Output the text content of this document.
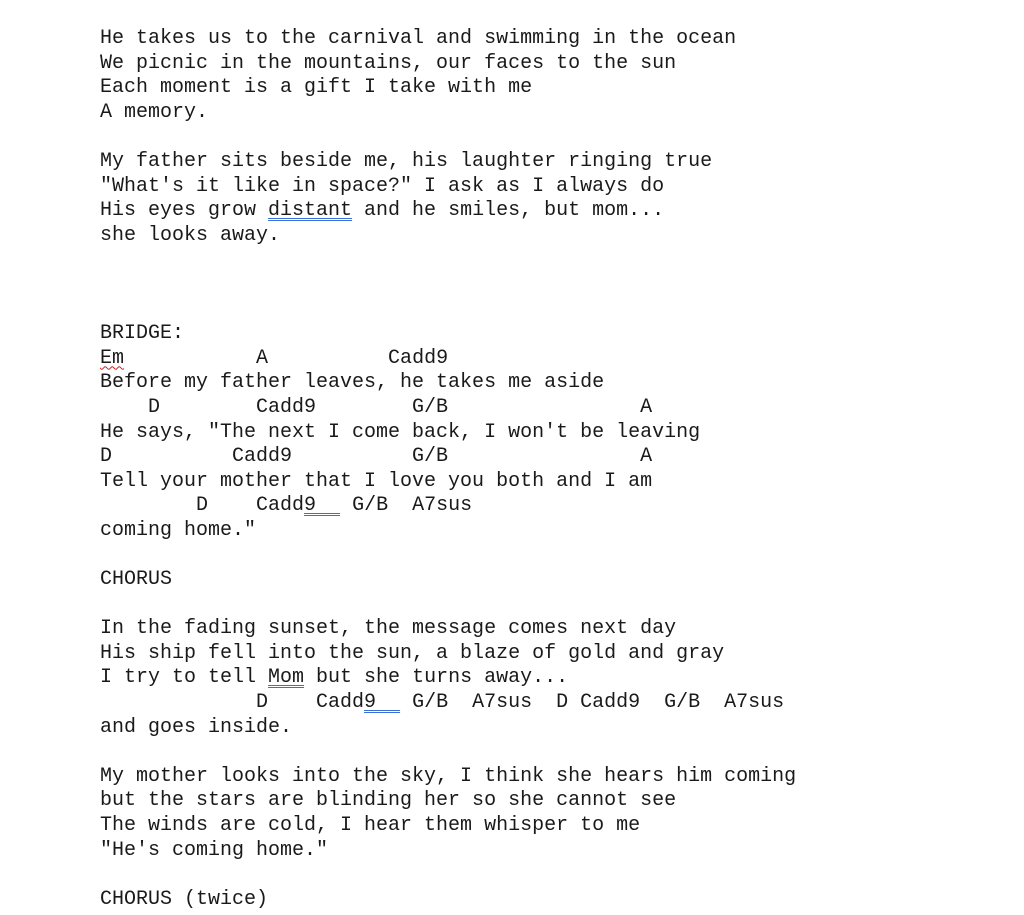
He takes us to the carnival and swimming in the ocean
We picnic in the mountains, our faces to the sun
Each moment is a gift I take with me
A memory.
My father sits beside me, his laughter ringing true
"What's it like in space?" I ask as I always do
His eyes grow distant and he smiles, but mom...
she looks away.
BRIDGE:
Em           A          Cadd9
Before my father leaves, he takes me aside
D        Cadd9        G/B                A
He says, "The next I come back, I won't be leaving
D          Cadd9          G/B                A
Tell your mother that I love you both and I am
D    Cadd9   G/B  A7sus
coming home."
CHORUS
In the fading sunset, the message comes next day
His ship fell into the sun, a blaze of gold and gray
I try to tell Mom but she turns away...
D    Cadd9   G/B  A7sus  D Cadd9  G/B  A7sus
and goes inside.
My mother looks into the sky, I think she hears him coming
but the stars are blinding her so she cannot see
The winds are cold, I hear them whisper to me
"He's coming home."
CHORUS (twice)
